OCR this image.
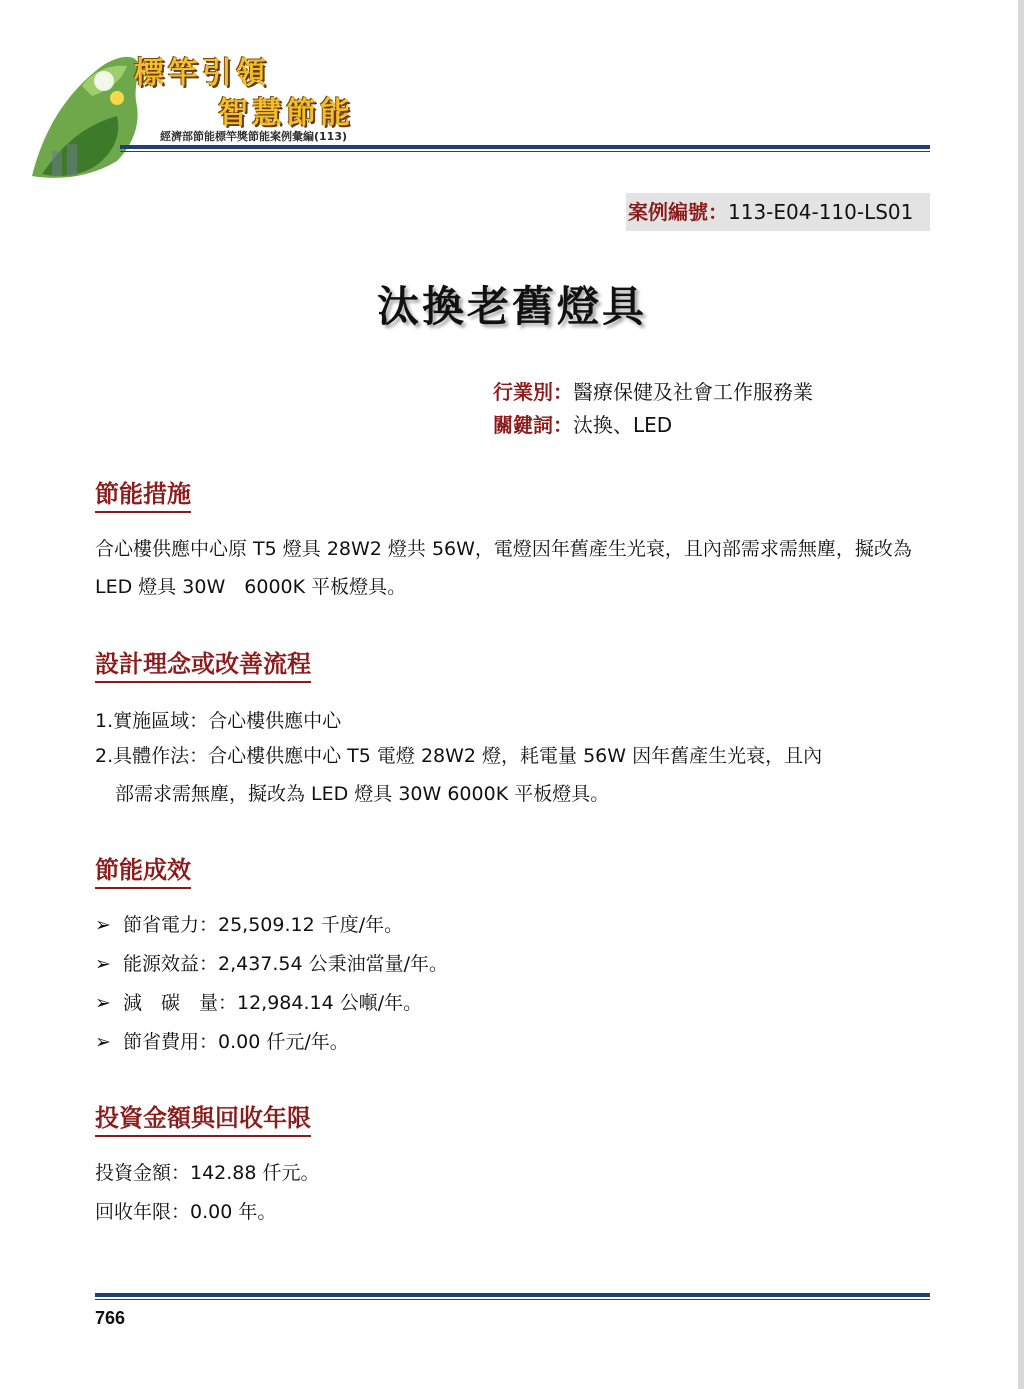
標竿引領
智慧節能
經濟部節能標竿獎節能案例彙編(113)
案例編號：113-E04-110-LS01
汰換老舊燈具
行業別：醫療保健及社會工作服務業
關鍵詞：汰換、LED
節能措施
合心樓供應中心原 T5 燈具 28W2 燈共 56W，電燈因年舊產生光衰，且內部需求需無塵，擬改為 LED 燈具 30W　6000K 平板燈具。
設計理念或改善流程
1.實施區域：合心樓供應中心
2.具體作法：合心樓供應中心 T5 電燈 28W2 燈，耗電量 56W 因年舊產生光衰，且內
部需求需無塵，擬改為 LED 燈具 30W 6000K 平板燈具。
節能成效
➢ 節省電力：25,509.12 千度/年。
➢ 能源效益：2,437.54 公秉油當量/年。
➢ 減　碳　量：12,984.14 公噸/年。
➢ 節省費用：0.00 仟元/年。
投資金額與回收年限
投資金額：142.88 仟元。
回收年限：0.00 年。
766
